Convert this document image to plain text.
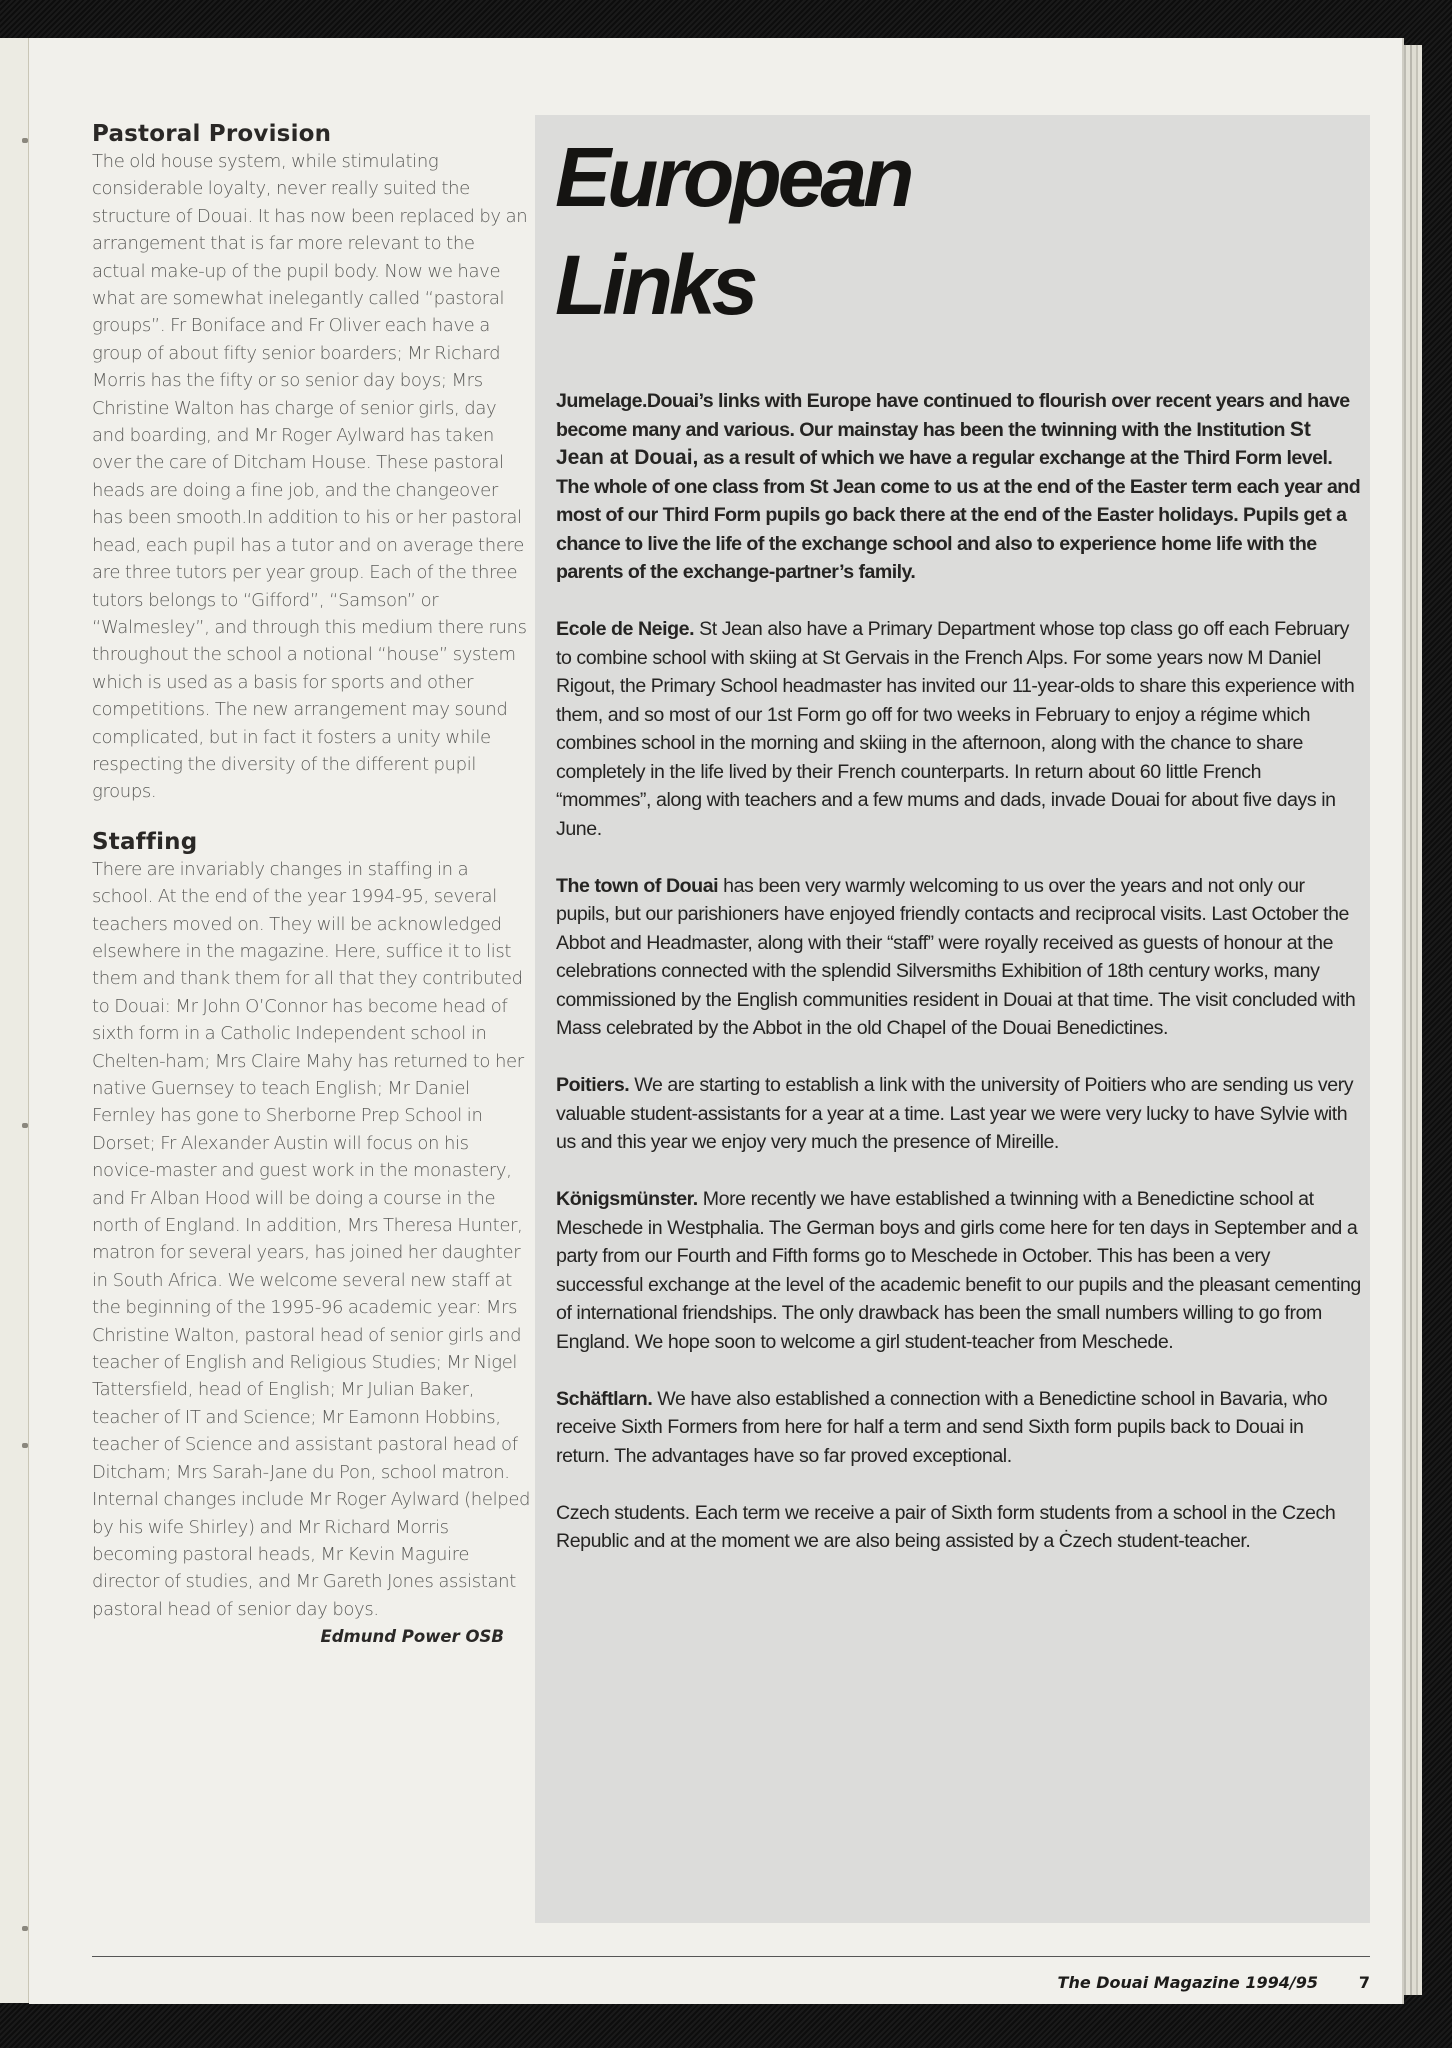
Pastoral Provision

The old house system, while stimulating considerable loyalty, never really suited the structure of Douai. It has now been replaced by an arrangement that is far more relevant to the actual make-up of the pupil body. Now we have what are somewhat inelegantly called “pastoral groups”. Fr Boniface and Fr Oliver each have a group of about fifty senior boarders; Mr Richard Morris has the fifty or so senior day boys; Mrs Christine Walton has charge of senior girls, day and boarding, and Mr Roger Aylward has taken over the care of Ditcham House. These pastoral heads are doing a fine job, and the changeover has been smooth.In addition to his or her pastoral head, each pupil has a tutor and on average there are three tutors per year group. Each of the three tutors belongs to “Gifford”, “Samson” or “Walmesley”, and through this medium there runs throughout the school a notional “house” system which is used as a basis for sports and other competitions. The new arrangement may sound complicated, but in fact it fosters a unity while respecting the diversity of the different pupil groups.

Staffing

There are invariably changes in staffing in a school. At the end of the year 1994-95, several teachers moved on. They will be acknowledged elsewhere in the magazine. Here, suffice it to list them and thank them for all that they contributed to Douai: Mr John O’Connor has become head of sixth form in a Catholic Independent school in Chelten-ham; Mrs Claire Mahy has returned to her native Guernsey to teach English; Mr Daniel Fernley has gone to Sherborne Prep School in Dorset; Fr Alexander Austin will focus on his novice-master and guest work in the monastery, and Fr Alban Hood will be doing a course in the north of England. In addition, Mrs Theresa Hunter, matron for several years, has joined her daughter in South Africa. We welcome several new staff at the beginning of the 1995-96 academic year: Mrs Christine Walton, pastoral head of senior girls and teacher of English and Religious Studies; Mr Nigel Tattersfield, head of English; Mr Julian Baker, teacher of IT and Science; Mr Eamonn Hobbins, teacher of Science and assistant pastoral head of Ditcham; Mrs Sarah-Jane du Pon, school matron. Internal changes include Mr Roger Aylward (helped by his wife Shirley) and Mr Richard Morris becoming pastoral heads, Mr Kevin Maguire director of studies, and Mr Gareth Jones assistant pastoral head of senior day boys.

Edmund Power OSB
European
Links

Jumelage.Douai’s links with Europe have continued to flourish over recent years and have become many and various. Our mainstay has been the twinning with the Institution St Jean at Douai, as a result of which we have a regular exchange at the Third Form level. The whole of one class from St Jean come to us at the end of the Easter term each year and most of our Third Form pupils go back there at the end of the Easter holidays. Pupils get a chance to live the life of the exchange school and also to experience home life with the parents of the exchange-partner’s family.

Ecole de Neige. St Jean also have a Primary Department whose top class go off each February to combine school with skiing at St Gervais in the French Alps. For some years now M Daniel Rigout, the Primary School headmaster has invited our 11-year-olds to share this experience with them, and so most of our 1st Form go off for two weeks in February to enjoy a régime which combines school in the morning and skiing in the afternoon, along with the chance to share completely in the life lived by their French counterparts. In return about 60 little French “mommes”, along with teachers and a few mums and dads, invade Douai for about five days in June.

The town of Douai has been very warmly welcoming to us over the years and not only our pupils, but our parishioners have enjoyed friendly contacts and reciprocal visits. Last October the Abbot and Headmaster, along with their “staff” were royally received as guests of honour at the celebrations connected with the splendid Silversmiths Exhibition of 18th century works, many commissioned by the English communities resident in Douai at that time. The visit concluded with Mass celebrated by the Abbot in the old Chapel of the Douai Benedictines.

Poitiers. We are starting to establish a link with the university of Poitiers who are sending us very valuable student-assistants for a year at a time. Last year we were very lucky to have Sylvie with us and this year we enjoy very much the presence of Mireille.

Königsmünster. More recently we have established a twinning with a Benedictine school at Meschede in Westphalia. The German boys and girls come here for ten days in September and a party from our Fourth and Fifth forms go to Meschede in October. This has been a very successful exchange at the level of the academic benefit to our pupils and the pleasant cementing of international friendships. The only drawback has been the small numbers willing to go from England. We hope soon to welcome a girl student-teacher from Meschede.

Schäftlarn. We have also established a connection with a Benedictine school in Bavaria, who receive Sixth Formers from here for half a term and send Sixth form pupils back to Douai in return. The advantages have so far proved exceptional.

Czech students. Each term we receive a pair of Sixth form students from a school in the Czech Republic and at the moment we are also being assisted by a Ċzech student-teacher.

The Douai Magazine 1994/95	7
